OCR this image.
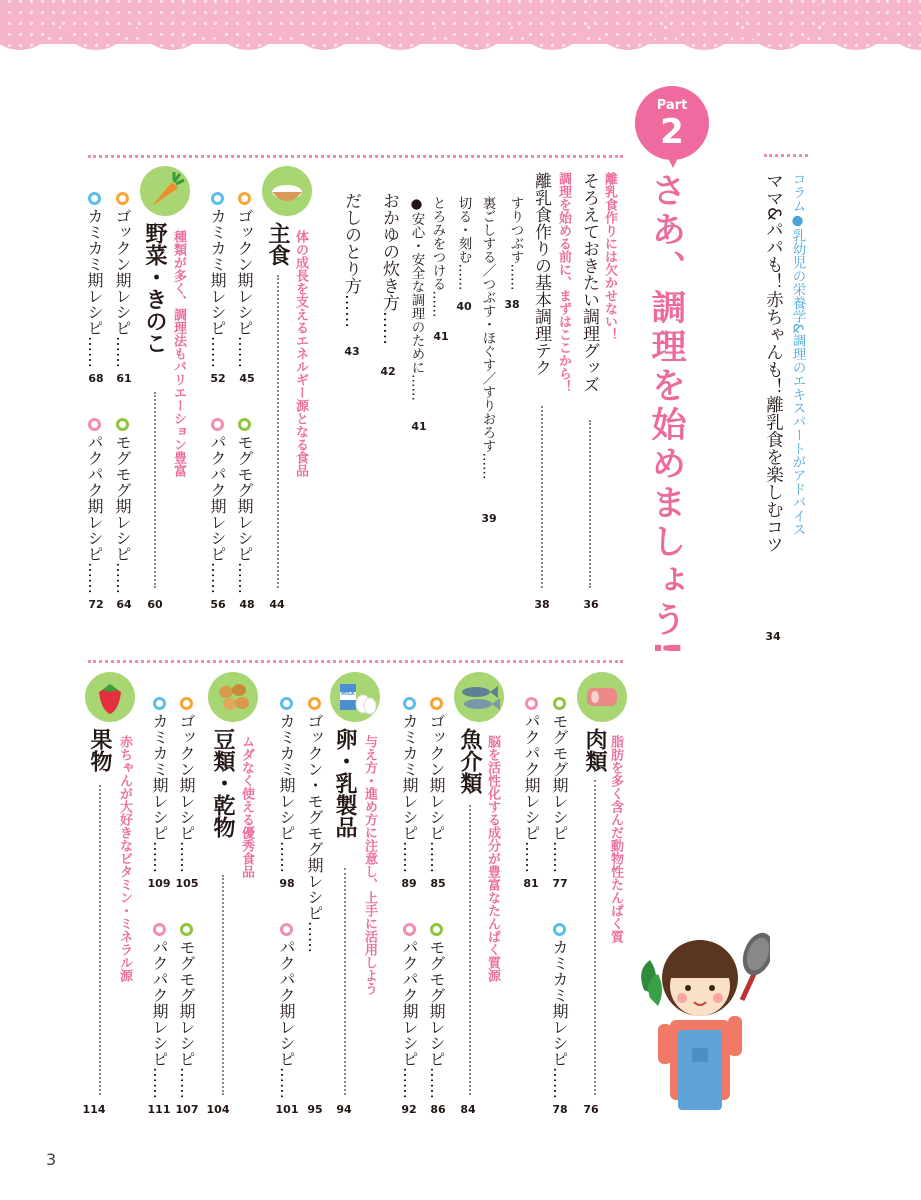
Part
2
さあ、調理を始めましょう!	コラム●乳幼児の栄養学&調理のエキスパートがアドバイス
ママ&パパも！赤ちゃんも！離乳食を楽しむコツ
34
離乳食作りには欠かせない！
そろえておきたい調理グッズ
36
調理を始める前に、まずはここから！
離乳食作りの基本調理テク
38
すりつぶす……
38
裏ごしする／つぶす・ほぐす／すりおろす……
39
切る・刻む……
40
とろみをつける……
41
●安心・安全な調理のために……
41
おかゆの炊き方……
42
だしのとり方……
43
体の成長を支えるエネルギー源となる食品
主食
44
ゴックン期レシピ……
45
モグモグ期レシピ……
48
カミカミ期レシピ……
52
パクパク期レシピ……
56
種類が多く、調理法もバリエーション豊富
野菜・きのこ
60
ゴックン期レシピ……
61
モグモグ期レシピ……
64
カミカミ期レシピ……
68
パクパク期レシピ……
72
脂肪を多く含んだ動物性たんぱく質
肉類
76
モグモグ期レシピ……
77
カミカミ期レシピ……
78
パクパク期レシピ……
81
脳を活性化する成分が豊富なたんぱく質源
魚介類
84
ゴックン期レシピ……
85
モグモグ期レシピ……
86
カミカミ期レシピ……
89
パクパク期レシピ……
92
MILK
与え方・進め方に注意し、上手に活用しよう
卵・乳製品
94
ゴックン・モグモグ期レシピ……
95
カミカミ期レシピ……
98
パクパク期レシピ……
101
ムダなく使える優秀食品
豆類・乾物
104
ゴックン期レシピ……
105
モグモグ期レシピ……
107
カミカミ期レシピ……
109
パクパク期レシピ……
111
赤ちゃんが大好きなビタミン・ミネラル源
果物
114
3
